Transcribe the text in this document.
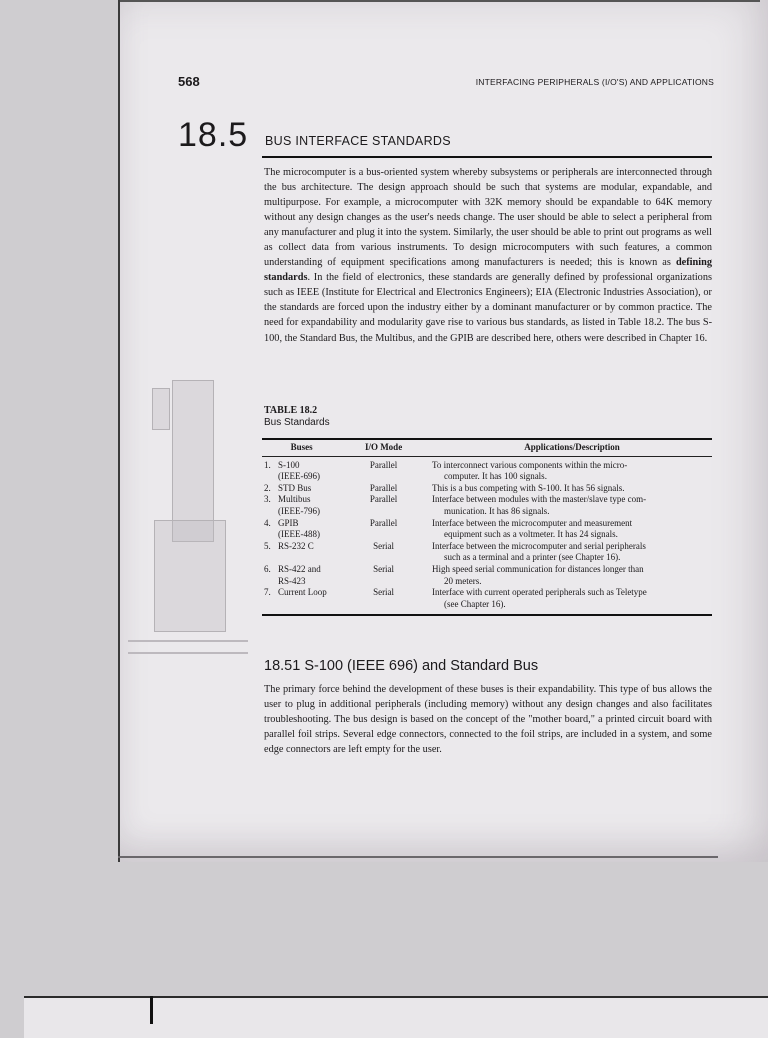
568	INTERFACING PERIPHERALS (I/O'S) AND APPLICATIONS
18.5 BUS INTERFACE STANDARDS
The microcomputer is a bus-oriented system whereby subsystems or peripherals are interconnected through the bus architecture. The design approach should be such that systems are modular, expandable, and multipurpose. For example, a microcomputer with 32K memory should be expandable to 64K memory without any design changes as the user's needs change. The user should be able to select a peripheral from any manufacturer and plug it into the system. Similarly, the user should be able to print out programs as well as collect data from various instruments. To design microcomputers with such features, a common understanding of equipment specifications among manufacturers is needed; this is known as defining standards. In the field of electronics, these standards are generally defined by professional organizations such as IEEE (Institute for Electrical and Electronics Engineers); EIA (Electronic Industries Association), or the standards are forced upon the industry either by a dominant manufacturer or by common practice. The need for expandability and modularity gave rise to various bus standards, as listed in Table 18.2. The bus S-100, the Standard Bus, the Multibus, and the GPIB are described here, others were described in Chapter 16.
TABLE 18.2
Bus Standards
Buses	I/O Mode	Applications/Description

1. S-100
(IEEE-696)	Parallel	To interconnect various components within the micro-
computer. It has 100 signals.
2. STD Bus	Parallel	This is a bus competing with S-100. It has 56 signals.
3. Multibus
(IEEE-796)	Parallel	Interface between modules with the master/slave type com-
munication. It has 86 signals.
4. GPIB
(IEEE-488)	Parallel	Interface between the microcomputer and measurement
equipment such as a voltmeter. It has 24 signals.
5. RS-232 C	Serial	Interface between the microcomputer and serial peripherals
such as a terminal and a printer (see Chapter 16).
6. RS-422 and
RS-423	Serial	High speed serial communication for distances longer than
20 meters.
7. Current Loop	Serial	Interface with current operated peripherals such as Teletype
(see Chapter 16).
18.51 S-100 (IEEE 696) and Standard Bus
The primary force behind the development of these buses is their expandability. This type of bus allows the user to plug in additional peripherals (including memory) without any design changes and also facilitates troubleshooting. The bus design is based on the concept of the "mother board," a printed circuit board with parallel foil strips. Several edge connectors, connected to the foil strips, are included in a system, and some edge connectors are left empty for the user.
